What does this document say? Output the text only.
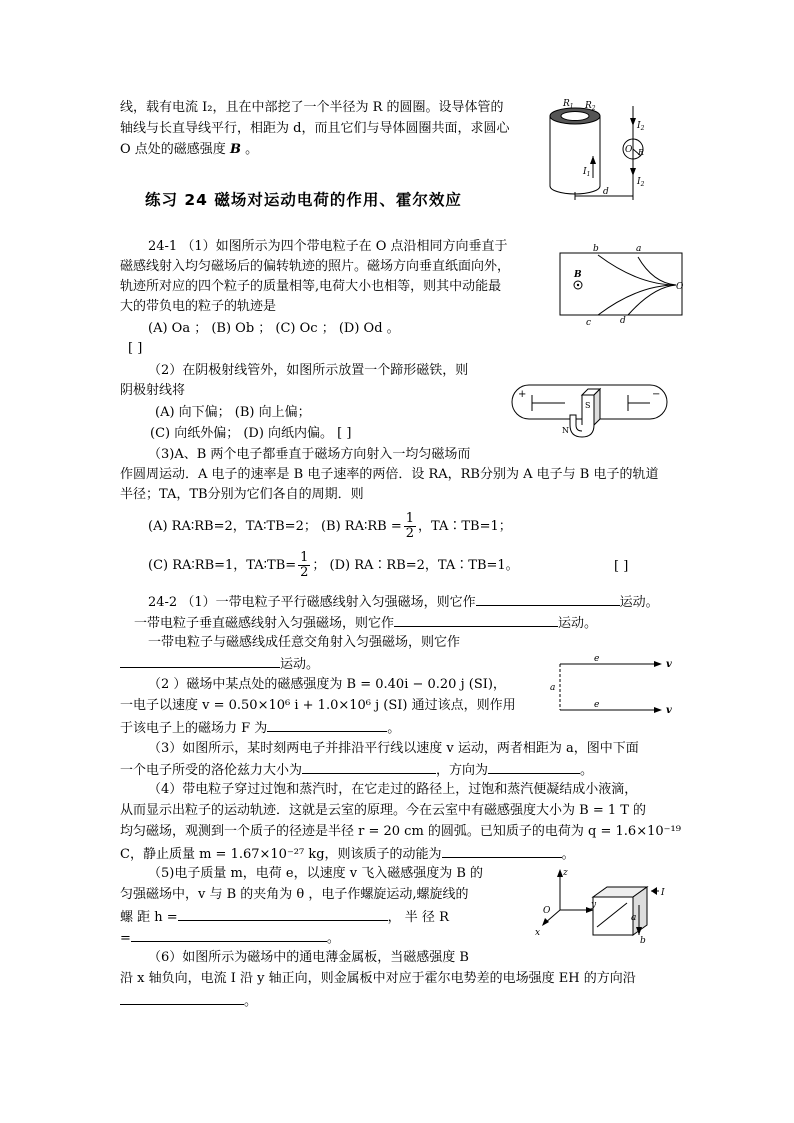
线，载有电流 I₂，且在中部挖了一个半径为 R 的圆圈。设导体管的
轴线与长直导线平行，相距为 d，而且它们与导体圆圈共面，求圆心
O 点处的磁感强度 B 。
$R_1$ $R_2$
$I_2$
$I_2$
$I_1$
O R
d
练习 24 磁场对运动电荷的作用、霍尔效应
24-1 （1）如图所示为四个带电粒子在 O 点沿相同方向垂直于
磁感线射入均匀磁场后的偏转轨迹的照片。磁场方向垂直纸面向外，
轨迹所对应的四个粒子的质量相等,电荷大小也相等，则其中动能最
大的带负电的粒子的轨迹是
(A) Oa ； (B) Ob ； (C) Oc ； (D) Od 。
[ ]
b	a
B
O
c	d
（2）在阴极射线管外，如图所示放置一个蹄形磁铁，则
阴极射线将
(A) 向下偏； (B) 向上偏；
(C) 向纸外偏； (D) 向纸内偏。 [ ]
+	−
N
S
（3)A、B 两个电子都垂直于磁场方向射入一均匀磁场而
作圆周运动．A 电子的速率是 B 电子速率的两倍．设 RA，RB分别为 A 电子与 B 电子的轨道
半径；TA，TB分别为它们各自的周期．则
(A) RA∶RB=2，TA∶TB=2； (B) RA∶RB = $\frac{1}{2}$ ，TA∶TB=1；
(C) RA∶RB=1，TA∶TB= $\frac{1}{2}$ ； (D) RA∶RB=2，TA∶TB=1。	[ ]
24-2 （1）一带电粒子平行磁感线射入匀强磁场，则它作	运动。
一带电粒子垂直磁感线射入匀强磁场，则它作	运动。
一带电粒子与磁感线成任意交角射入匀强磁场，则它作
运动。
（2 ）磁场中某点处的磁感强度为 B = 0.40i − 0.20 j (SI)，
一电子以速度 v = 0.50×10⁶ i + 1.0×10⁶ j (SI) 通过该点，则作用
于该电子上的磁场力 F 为	。
e
e
v
v
a
（3）如图所示，某时刻两电子并排沿平行线以速度 v 运动，两者相距为 a，图中下面
一个电子所受的洛伦兹力大小为	，方向为	。
（4）带电粒子穿过过饱和蒸汽时，在它走过的路径上，过饱和蒸汽便凝结成小液滴，
从而显示出粒子的运动轨迹．这就是云室的原理。今在云室中有磁感强度大小为 B = 1 T 的
均匀磁场，观测到一个质子的径迹是半径 r = 20 cm 的圆弧。已知质子的电荷为 q = 1.6×10⁻¹⁹
C，静止质量 m = 1.67×10⁻²⁷ kg，则该质子的动能为	。
（5)电子质量 m，电荷 e，以速度 v 飞入磁感强度为 B 的
匀强磁场中，v 与 B 的夹角为 θ ，电子作螺旋运动,螺旋线的
螺 距 h =	， 半 径 R
=	。
z
y
x
O
a
b
I
（6）如图所示为磁场中的通电薄金属板，当磁感强度 B
沿 x 轴负向，电流 I 沿 y 轴正向，则金属板中对应于霍尔电势差的电场强度 EH 的方向沿
。
